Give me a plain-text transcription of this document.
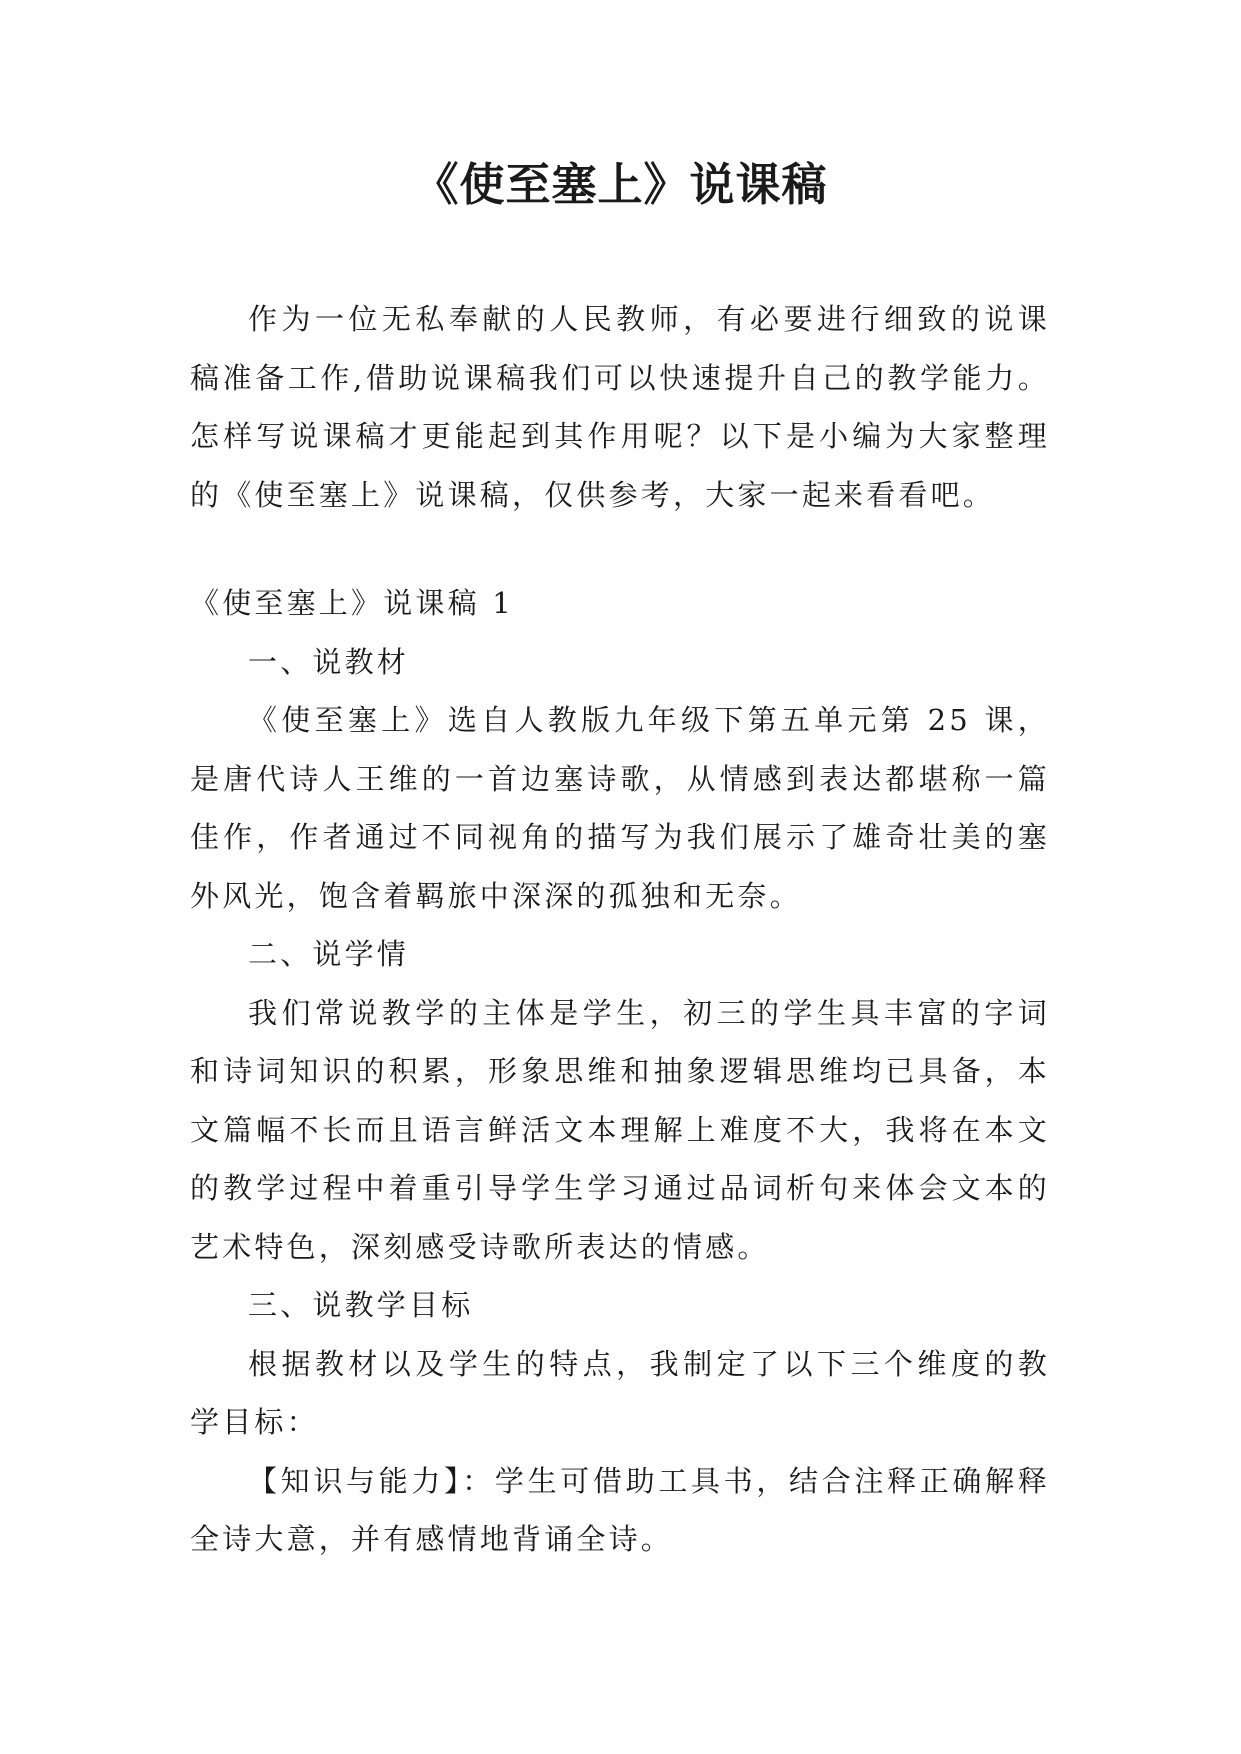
《使至塞上》说课稿

作为一位无私奉献的人民教师，有必要进行细致的说课稿准备工作,借助说课稿我们可以快速提升自己的教学能力。怎样写说课稿才更能起到其作用呢？以下是小编为大家整理的《使至塞上》说课稿，仅供参考，大家一起来看看吧。

《使至塞上》说课稿 1

一、说教材

《使至塞上》选自人教版九年级下第五单元第 25 课，是唐代诗人王维的一首边塞诗歌，从情感到表达都堪称一篇佳作，作者通过不同视角的描写为我们展示了雄奇壮美的塞外风光，饱含着羁旅中深深的孤独和无奈。

二、说学情

我们常说教学的主体是学生，初三的学生具丰富的字词和诗词知识的积累，形象思维和抽象逻辑思维均已具备，本文篇幅不长而且语言鲜活文本理解上难度不大，我将在本文的教学过程中着重引导学生学习通过品词析句来体会文本的艺术特色，深刻感受诗歌所表达的情感。

三、说教学目标

根据教材以及学生的特点，我制定了以下三个维度的教学目标：

【知识与能力】：学生可借助工具书，结合注释正确解释全诗大意，并有感情地背诵全诗。
